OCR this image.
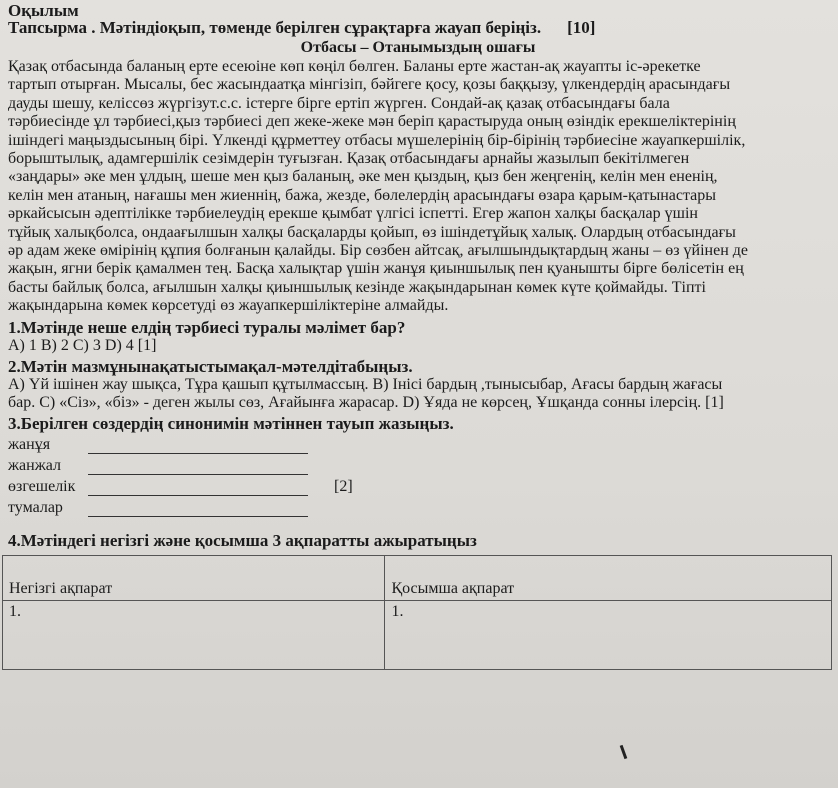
Оқылым
Тапсырма . Мәтіндіоқып, төменде берілген сұрақтарға жауап беріңіз. [10]
Отбасы – Отанымыздың ошағы
Қазақ отбасында баланың ерте есеюіне көп көңіл бөлген. Баланы ерте жастан-ақ жауапты іс-әрекетке
тартып отырған. Мысалы, бес жасындаатқа мінгізіп, бәйгеге қосу, қозы баққызу, үлкендердің арасындағы
дауды шешу, келіссөз жүргізут.с.с. істерге бірге ертіп жүрген. Сондай-ақ қазақ отбасындағы бала
тәрбиесінде ұл тәрбиесі,қыз тәрбиесі деп жеке-жеке мән беріп қарастыруда оның өзіндік ерекшеліктерінің
ішіндегі маңыздысының бірі. Үлкенді құрметтеу отбасы мүшелерінің бір-бірінің тәрбиесіне жауапкершілік,
борыштылық, адамгершілік сезімдерін туғызған. Қазақ отбасындағы арнайы жазылып бекітілмеген
«заңдары» әке мен ұлдың, шеше мен қыз баланың, әке мен қыздың, қыз бен жеңгенің, келін мен ененің,
келін мен атаның, нағашы мен жиеннің, бажа, жезде, бөлелердің арасындағы өзара қарым-қатынастары
әркайсысын әдептілікке тәрбиелеудің ерекше қымбат үлгісі іспетті. Егер жапон халқы басқалар үшін
тұйық халықболса, ондаағылшын халқы басқаларды қойып, өз ішіндетұйық халық. Олардың отбасындағы
әр адам жеке өмірінің құпия болғанын қалайды. Бір сөзбен айтсақ, ағылшындықтардың жаны – өз үйінен де
жақын, ягни берік қамалмен тең. Басқа халықтар үшін жанұя қиыншылық пен қуанышты бірге бөлісетін ең
басты байлық болса, ағылшын халқы қиыншылық кезінде жақындарынан көмек күте қоймайды. Тіпті
жақындарына көмек көрсетуді өз жауапкершіліктеріне алмайды.
1.Мәтінде неше елдің тәрбиесі туралы мәлімет бар?
А) 1 В) 2 С) 3 D) 4 [1]
2.Мәтін мазмұнынақатыстымақал-мәтелдітабыңыз.
А) Үй ішінен жау шықса, Тұра қашып құтылмассың. В) Інісі бардың ,тынысыбар, Ағасы бардың жағасы
бар. С) «Сіз», «біз» - деген жылы сөз, Ағайынға жарасар. D) Ұяда не көрсең, Ұшқанда сонны ілерсің. [1]
3.Берілген сөздердің синонимін мәтіннен тауып жазыңыз.
жанұя
жанжал
өзгешелік	[2]
тумалар
4.Мәтіндегі негізгі және қосымша 3 ақпаратты ажыратыңыз
Негізгі ақпарат	Қосымша ақпарат
1.	1.
